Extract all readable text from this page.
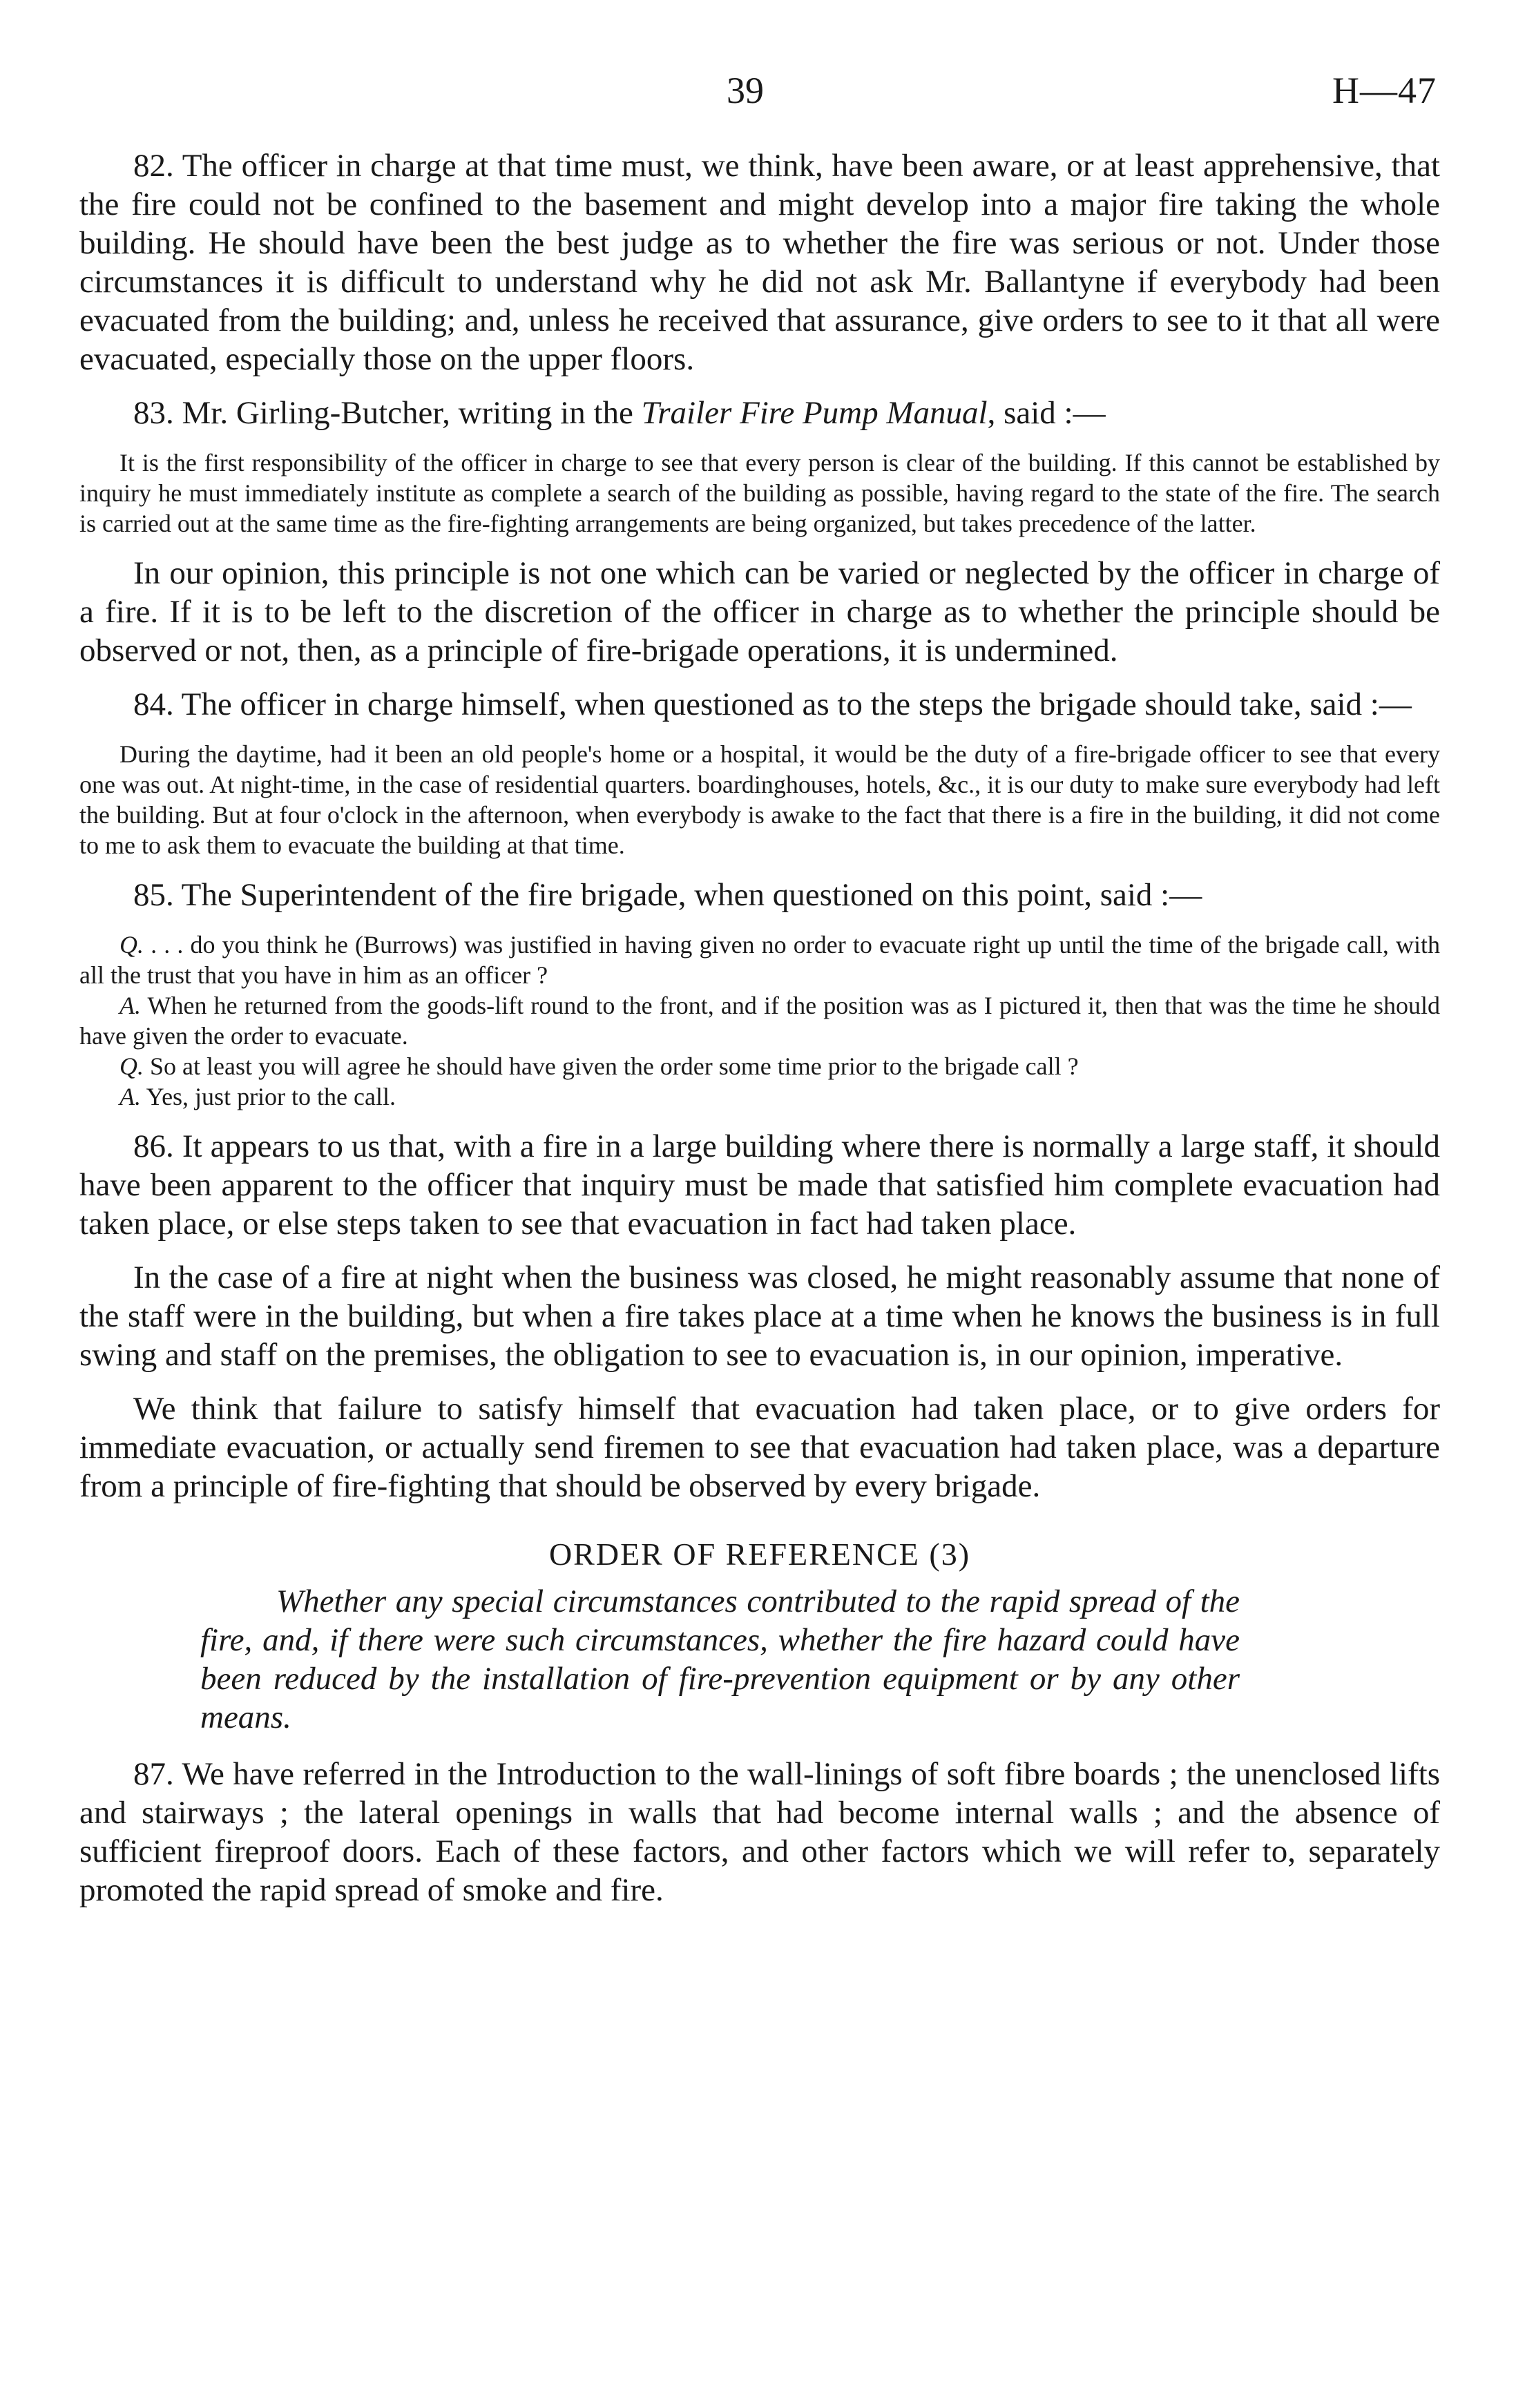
39	H—47

82. The officer in charge at that time must, we think, have been aware, or at least apprehensive, that the fire could not be confined to the basement and might develop into a major fire taking the whole building. He should have been the best judge as to whether the fire was serious or not. Under those circumstances it is difficult to understand why he did not ask Mr. Ballantyne if everybody had been evacuated from the building; and, unless he received that assurance, give orders to see to it that all were evacuated, especially those on the upper floors.

83. Mr. Girling-Butcher, writing in the Trailer Fire Pump Manual, said :—

It is the first responsibility of the officer in charge to see that every person is clear of the building. If this cannot be established by inquiry he must immediately institute as complete a search of the building as possible, having regard to the state of the fire. The search is carried out at the same time as the fire-fighting arrangements are being organized, but takes precedence of the latter.

In our opinion, this principle is not one which can be varied or neglected by the officer in charge of a fire. If it is to be left to the discretion of the officer in charge as to whether the principle should be observed or not, then, as a principle of fire-brigade operations, it is undermined.

84. The officer in charge himself, when questioned as to the steps the brigade should take, said :—

During the daytime, had it been an old people's home or a hospital, it would be the duty of a fire-brigade officer to see that every one was out. At night-time, in the case of residential quarters. boardinghouses, hotels, &c., it is our duty to make sure everybody had left the building. But at four o'clock in the afternoon, when everybody is awake to the fact that there is a fire in the building, it did not come to me to ask them to evacuate the building at that time.

85. The Superintendent of the fire brigade, when questioned on this point, said :—

Q. . . . do you think he (Burrows) was justified in having given no order to evacuate right up until the time of the brigade call, with all the trust that you have in him as an officer ?

A. When he returned from the goods-lift round to the front, and if the position was as I pictured it, then that was the time he should have given the order to evacuate.

Q. So at least you will agree he should have given the order some time prior to the brigade call ?

A. Yes, just prior to the call.

86. It appears to us that, with a fire in a large building where there is normally a large staff, it should have been apparent to the officer that inquiry must be made that satisfied him complete evacuation had taken place, or else steps taken to see that evacuation in fact had taken place.

In the case of a fire at night when the business was closed, he might reasonably assume that none of the staff were in the building, but when a fire takes place at a time when he knows the business is in full swing and staff on the premises, the obligation to see to evacuation is, in our opinion, imperative.

We think that failure to satisfy himself that evacuation had taken place, or to give orders for immediate evacuation, or actually send firemen to see that evacuation had taken place, was a departure from a principle of fire-fighting that should be observed by every brigade.

ORDER OF REFERENCE (3)

Whether any special circumstances contributed to the rapid spread of the fire, and, if there were such circumstances, whether the fire hazard could have been reduced by the installation of fire-prevention equipment or by any other means.

87. We have referred in the Introduction to the wall-linings of soft fibre boards ; the unenclosed lifts and stairways ; the lateral openings in walls that had become internal walls ; and the absence of sufficient fireproof doors. Each of these factors, and other factors which we will refer to, separately promoted the rapid spread of smoke and fire.
